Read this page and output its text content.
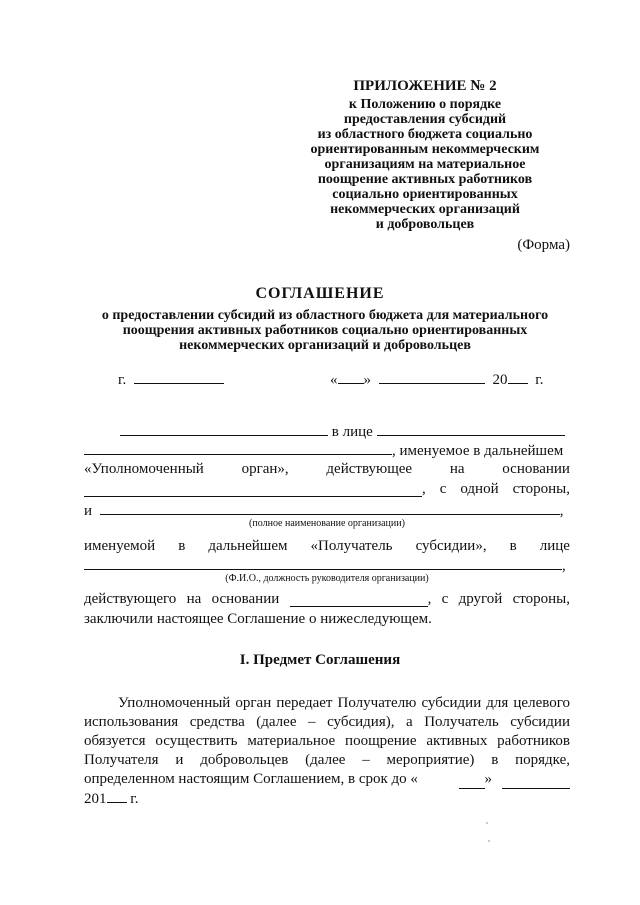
ПРИЛОЖЕНИЕ № 2
к Положению о порядке
предоставления субсидий
из областного бюджета социально
ориентированным некоммерческим
организациям на материальное
поощрение активных работников
социально ориентированных
некоммерческих организаций
и добровольцев
(Форма)
СОГЛАШЕНИЕ
о предоставлении субсидий из областного бюджета для материального
поощрения активных работников социально ориентированных
некоммерческих организаций и добровольцев
г.	« »	20 г.
в лице
, именуемое в дальнейшем
«Уполномоченный	орган»,	действующее	на	основании
, с одной стороны,
и	,
(полное наименование организации)
именуемой в дальнейшем «Получатель субсидии», в лице
,
(Ф.И.О., должность руководителя организации)
действующего на основании	, с другой стороны,
заключили настоящее Соглашение о нижеследующем.
I. Предмет Соглашения
Уполномоченный орган передает Получателю субсидии для целевого
использования средства (далее – субсидия), а Получатель субсидии
обязуется осуществить материальное поощрение активных работников
Получателя и добровольцев (далее – мероприятие) в порядке,
определенном настоящим Соглашением, в срок до «	»
201 г.
